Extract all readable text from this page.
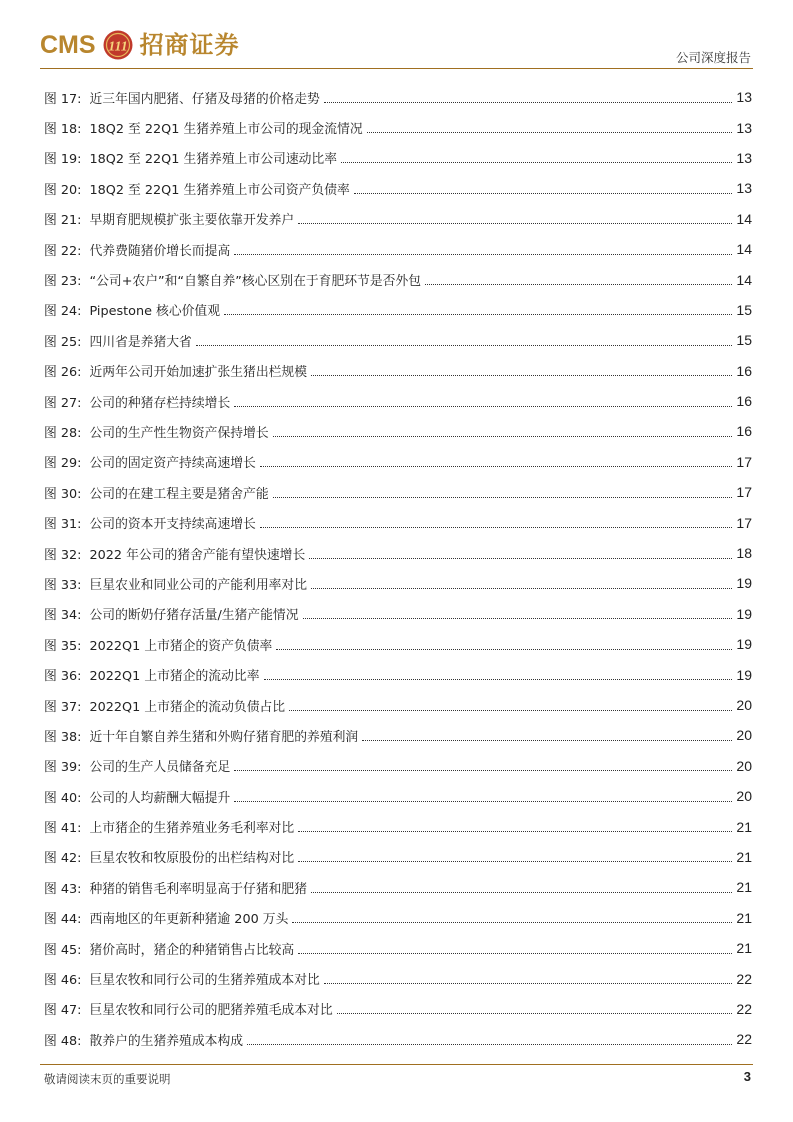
CMS 111 招商证券	公司深度报告
图 17: 近三年国内肥猪、仔猪及母猪的价格走势	13
图 18: 18Q2 至 22Q1 生猪养殖上市公司的现金流情况	13
图 19: 18Q2 至 22Q1 生猪养殖上市公司速动比率	13
图 20: 18Q2 至 22Q1 生猪养殖上市公司资产负债率	13
图 21: 早期育肥规模扩张主要依靠开发养户	14
图 22: 代养费随猪价增长而提高	14
图 23: “公司+农户”和“自繁自养”核心区别在于育肥环节是否外包	14
图 24: Pipestone 核心价值观	15
图 25: 四川省是养猪大省	15
图 26: 近两年公司开始加速扩张生猪出栏规模	16
图 27: 公司的种猪存栏持续增长	16
图 28: 公司的生产性生物资产保持增长	16
图 29: 公司的固定资产持续高速增长	17
图 30: 公司的在建工程主要是猪舍产能	17
图 31: 公司的资本开支持续高速增长	17
图 32: 2022 年公司的猪舍产能有望快速增长	18
图 33: 巨星农业和同业公司的产能利用率对比	19
图 34: 公司的断奶仔猪存活量/生猪产能情况	19
图 35: 2022Q1 上市猪企的资产负债率	19
图 36: 2022Q1 上市猪企的流动比率	19
图 37: 2022Q1 上市猪企的流动负债占比	20
图 38: 近十年自繁自养生猪和外购仔猪育肥的养殖利润	20
图 39: 公司的生产人员储备充足	20
图 40: 公司的人均薪酬大幅提升	20
图 41: 上市猪企的生猪养殖业务毛利率对比	21
图 42: 巨星农牧和牧原股份的出栏结构对比	21
图 43: 种猪的销售毛利率明显高于仔猪和肥猪	21
图 44: 西南地区的年更新种猪逾 200 万头	21
图 45: 猪价高时，猪企的种猪销售占比较高	21
图 46: 巨星农牧和同行公司的生猪养殖成本对比	22
图 47: 巨星农牧和同行公司的肥猪养殖毛成本对比	22
图 48: 散养户的生猪养殖成本构成	22
敬请阅读末页的重要说明	3
